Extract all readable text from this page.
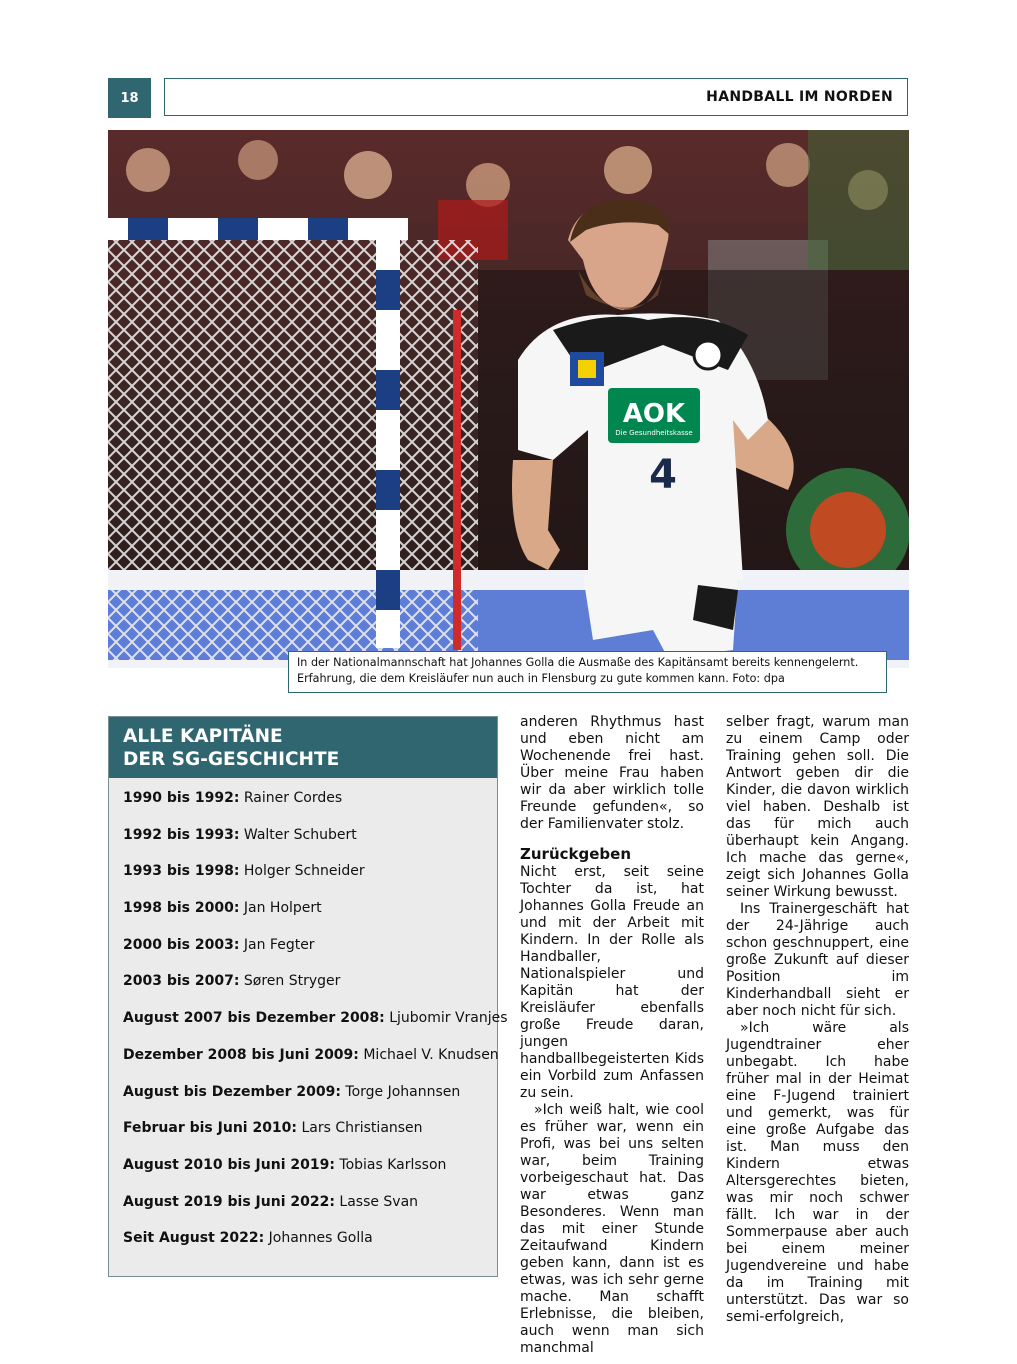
18	HANDBALL IM NORDEN
AOK
Die Gesundheitskasse
4
In der Nationalmannschaft hat Johannes Golla die Ausmaße des Kapitänsamt bereits kennengelernt. Erfahrung, die dem Kreisläufer nun auch in Flensburg zu gute kommen kann. Foto: dpa
ALLE KAPITÄNE
DER SG-GESCHICHTE
1990 bis 1992: Rainer Cordes
1992 bis 1993: Walter Schubert
1993 bis 1998: Holger Schneider
1998 bis 2000: Jan Holpert
2000 bis 2003: Jan Fegter
2003 bis 2007: Søren Stryger
August 2007 bis Dezember 2008: Ljubomir Vranjes
Dezember 2008 bis Juni 2009: Michael V. Knudsen
August bis Dezember 2009: Torge Johannsen
Februar bis Juni 2010: Lars Christiansen
August 2010 bis Juni 2019: Tobias Karlsson
August 2019 bis Juni 2022: Lasse Svan
Seit August 2022: Johannes Golla

anderen Rhythmus hast und eben nicht am Wochenende frei hast. Über meine Frau haben wir da aber wirklich tolle Freunde gefunden«, so der Familienvater stolz.

Zurückgeben

Nicht erst, seit seine Tochter da ist, hat Johannes Golla Freude an und mit der Arbeit mit Kindern. In der Rolle als Handballer, Nationalspieler und Kapitän hat der Kreisläufer ebenfalls große Freude daran, jungen handballbegeisterten Kids ein Vorbild zum Anfassen zu sein.

»Ich weiß halt, wie cool es früher war, wenn ein Profi, was bei uns selten war, beim Training vorbeigeschaut hat. Das war etwas ganz Besonderes. Wenn man das mit einer Stunde Zeitaufwand Kindern geben kann, dann ist es etwas, was ich sehr gerne mache. Man schafft Erlebnisse, die bleiben, auch wenn man sich manchmal

selber fragt, warum man zu einem Camp oder Training gehen soll. Die Antwort geben dir die Kinder, die davon wirklich viel haben. Deshalb ist das für mich auch überhaupt kein Angang. Ich mache das gerne«, zeigt sich Johannes Golla seiner Wirkung bewusst.

Ins Trainergeschäft hat der 24-Jährige auch schon geschnuppert, eine große Zukunft auf dieser Position im Kinderhandball sieht er aber noch nicht für sich.

»Ich wäre als Jugendtrainer eher unbegabt. Ich habe früher mal in der Heimat eine F-Jugend trainiert und gemerkt, was für eine große Aufgabe das ist. Man muss den Kindern etwas Altersgerechtes bieten, was mir noch schwer fällt. Ich war in der Sommerpause aber auch bei einem meiner Jugendvereine und habe da im Training mit unterstützt. Das war so semi-erfolgreich,
